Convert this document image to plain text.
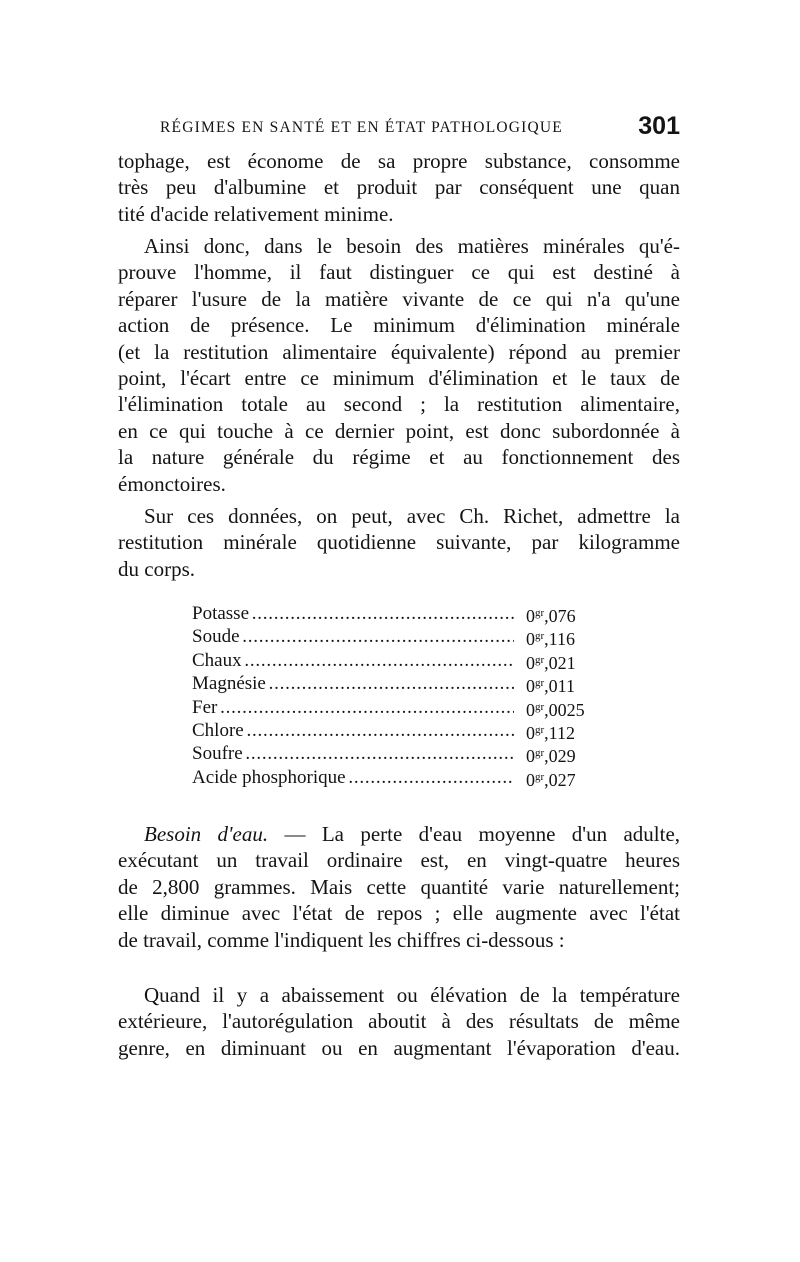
RÉGIMES EN SANTÉ ET EN ÉTAT PATHOLOGIQUE	301
tophage, est économe de sa propre substance, consomme
très peu d'albumine et produit par conséquent une quan
tité d'acide relativement minime.
Ainsi donc, dans le besoin des matières minérales qu'é-
prouve l'homme, il faut distinguer ce qui est destiné à
réparer l'usure de la matière vivante de ce qui n'a qu'une
action de présence. Le minimum d'élimination minérale
(et la restitution alimentaire équivalente) répond au premier
point, l'écart entre ce minimum d'élimination et le taux de
l'élimination totale au second ; la restitution alimentaire,
en ce qui touche à ce dernier point, est donc subordonnée à
la nature générale du régime et au fonctionnement des
émonctoires.
Sur ces données, on peut, avec Ch. Richet, admettre la
restitution minérale quotidienne suivante, par kilogramme
du corps.
Potasse . . .	$0^{gr},076$
Soude . . .	$0^{gr},116$
Chaux . . .	$0^{gr},021$
Magnésie . . .	$0^{gr},011$
Fer . . .	$0^{gr},0025$
Chlore . . .	$0^{gr},112$
Soufre . . .	$0^{gr},029$
Acide phosphorique . . .	$0^{gr},027$
Besoin d'eau. — La perte d'eau moyenne d'un adulte,
exécutant un travail ordinaire est, en vingt-quatre heures
de 2,800 grammes. Mais cette quantité varie naturellement;
elle diminue avec l'état de repos ; elle augmente avec l'état
de travail, comme l'indiquent les chiffres ci-dessous :
Quand il y a abaissement ou élévation de la température
extérieure, l'autorégulation aboutit à des résultats de même
genre, en diminuant ou en augmentant l'évaporation d'eau.
